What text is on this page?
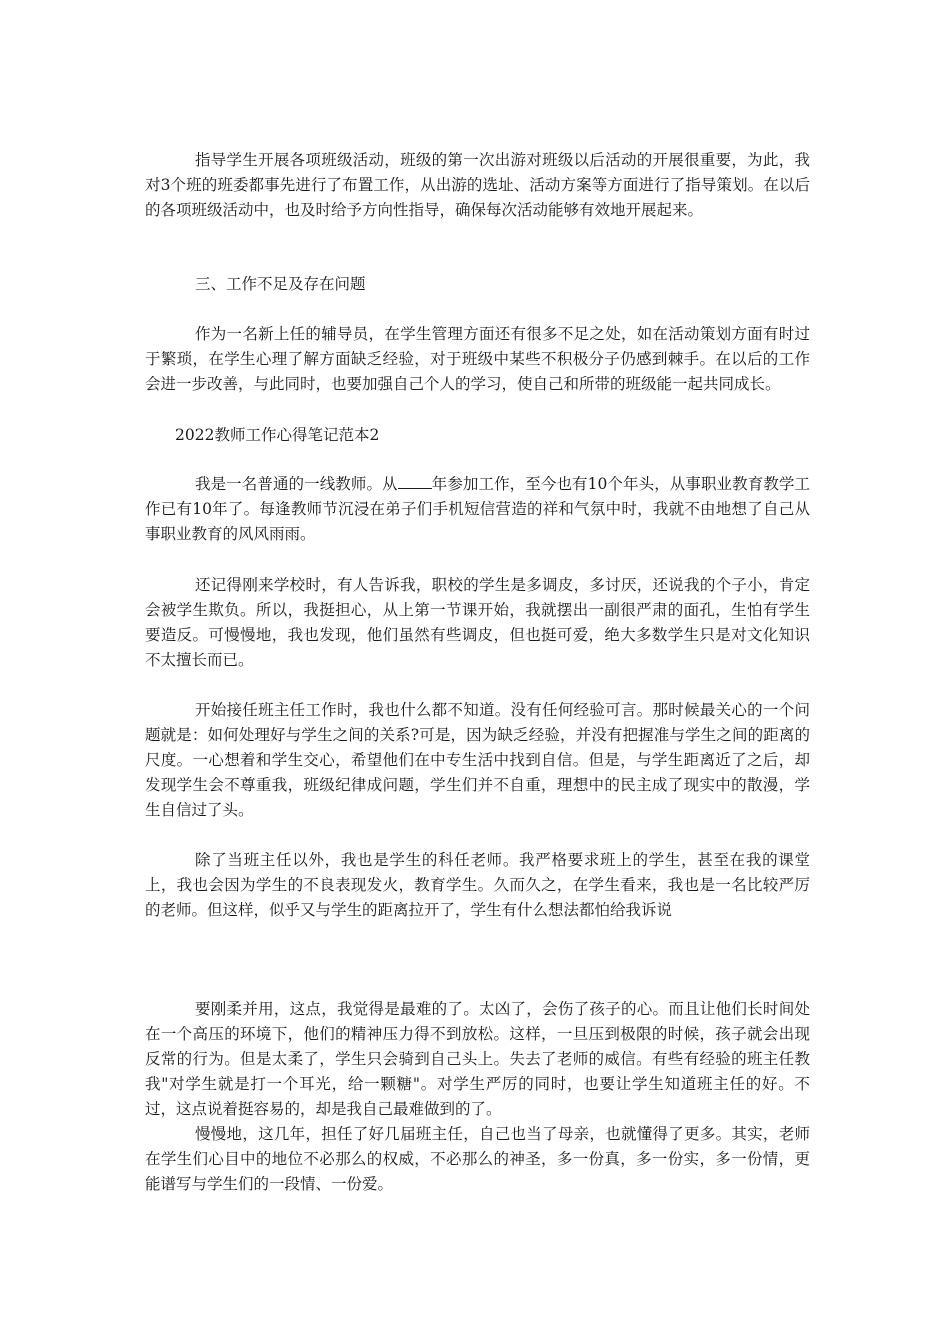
指导学生开展各项班级活动，班级的第一次出游对班级以后活动的开展很重要，为此，我对3个班的班委都事先进行了布置工作，从出游的选址、活动方案等方面进行了指导策划。在以后的各项班级活动中，也及时给予方向性指导，确保每次活动能够有效地开展起来。

三、工作不足及存在问题

作为一名新上任的辅导员，在学生管理方面还有很多不足之处，如在活动策划方面有时过于繁琐，在学生心理了解方面缺乏经验，对于班级中某些不积极分子仍感到棘手。在以后的工作会进一步改善，与此同时，也要加强自己个人的学习，使自己和所带的班级能一起共同成长。

2022教师工作心得笔记范本2

我是一名普通的一线教师。从 年参加工作，至今也有10个年头，从事职业教育教学工作已有10年了。每逢教师节沉浸在弟子们手机短信营造的祥和气氛中时，我就不由地想了自己从事职业教育的风风雨雨。

还记得刚来学校时，有人告诉我，职校的学生是多调皮，多讨厌，还说我的个子小，肯定会被学生欺负。所以，我挺担心，从上第一节课开始，我就摆出一副很严肃的面孔，生怕有学生要造反。可慢慢地，我也发现，他们虽然有些调皮，但也挺可爱，绝大多数学生只是对文化知识不太擅长而已。

开始接任班主任工作时，我也什么都不知道。没有任何经验可言。那时候最关心的一个问题就是：如何处理好与学生之间的关系?可是，因为缺乏经验，并没有把握准与学生之间的距离的尺度。一心想着和学生交心，希望他们在中专生活中找到自信。但是，与学生距离近了之后，却发现学生会不尊重我，班级纪律成问题，学生们并不自重，理想中的民主成了现实中的散漫，学生自信过了头。

除了当班主任以外，我也是学生的科任老师。我严格要求班上的学生，甚至在我的课堂上，我也会因为学生的不良表现发火，教育学生。久而久之，在学生看来，我也是一名比较严厉的老师。但这样，似乎又与学生的距离拉开了，学生有什么想法都怕给我诉说

要刚柔并用，这点，我觉得是最难的了。太凶了，会伤了孩子的心。而且让他们长时间处在一个高压的环境下，他们的精神压力得不到放松。这样，一旦压到极限的时候，孩子就会出现反常的行为。但是太柔了，学生只会骑到自己头上。失去了老师的威信。有些有经验的班主任教我"对学生就是打一个耳光，给一颗糖"。对学生严厉的同时，也要让学生知道班主任的好。不过，这点说着挺容易的，却是我自己最难做到的了。

慢慢地，这几年，担任了好几届班主任，自己也当了母亲，也就懂得了更多。其实，老师在学生们心目中的地位不必那么的权威，不必那么的神圣，多一份真，多一份实，多一份情，更能谱写与学生们的一段情、一份爱。
